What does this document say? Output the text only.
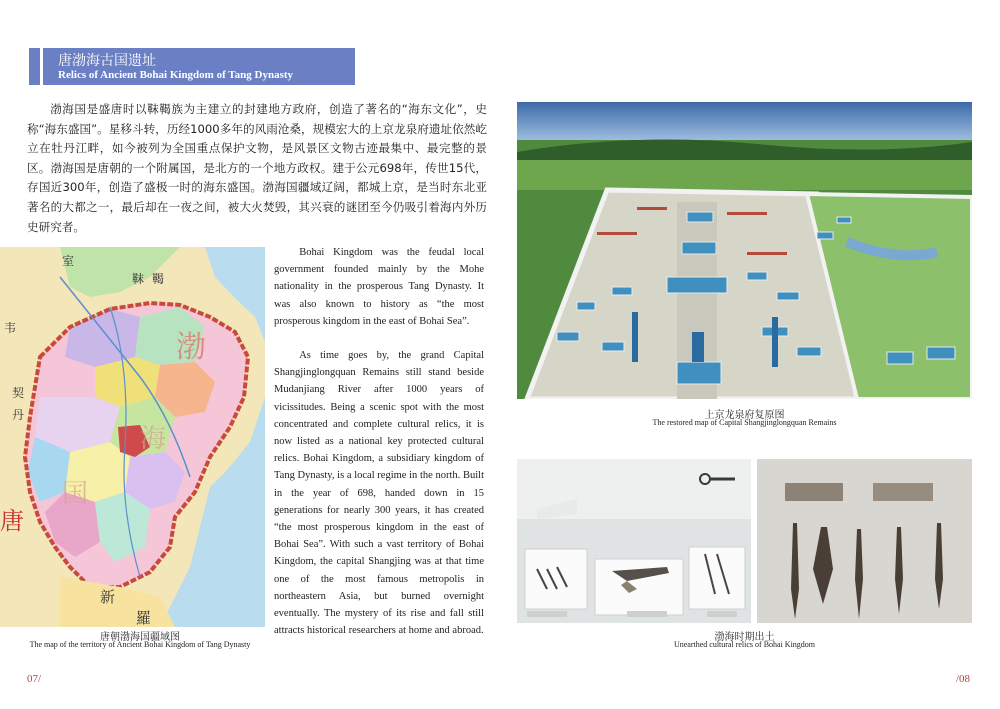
唐渤海古国遗址
Relics of Ancient Bohai Kingdom of Tang Dynasty
渤海国是盛唐时以靺鞨族为主建立的封建地方政府，创造了著名的“海东文化”，史称“海东盛国”。星移斗转，历经1000多年的风雨沧桑，规模宏大的上京龙泉府遗址依然屹立在牡丹江畔，如今被列为全国重点保护文物，是风景区文物古迹最集中、最完整的景区。渤海国是唐朝的一个附属国，是北方的一个地方政权。建于公元698年，传世15代，存国近300年，创造了盛极一时的海东盛国。渤海国疆域辽阔，都城上京，是当时东北亚著名的大都之一，最后却在一夜之间，被大火焚毁，其兴衰的谜团至今仍吸引着海内外历史研究者。
室
靺 鞨
韦
渤
契
丹
唐
新
羅
海
国
唐朝渤海国疆域图
The map of the territory of Ancient Bohai Kingdom of Tang Dynasty

Bohai Kingdom was the feudal local government founded mainly by the Mohe nationality in the prosperous Tang Dynasty. It was also known to history as “the most prosperous kingdom in the east of Bohai Sea”.

As time goes by, the grand Capital Shangjinglongquan Remains still stand beside Mudanjiang River after 1000 years of vicissitudes. Being a scenic spot with the most concentrated and complete cultural relics, it is now listed as a national key protected cultural relics. Bohai Kingdom, a subsidiary kingdom of Tang Dynasty, is a local regime in the north. Built in the year of 698, handed down in 15 generations for nearly 300 years, it has created “the most prosperous kingdom in the east of Bohai Sea”. With such a vast territory of Bohai Kingdom, the capital Shangjing was at that time one of the most famous metropolis in northeastern Asia, but burned overnight eventually. The mystery of its rise and fall still attracts historical researchers at home and abroad.

上京龙泉府复原图
The restored map of Capital Shangjinglongquan Remains
渤海时期出土
Unearthed cultural relics of Bohai Kingdom
07/	/08
